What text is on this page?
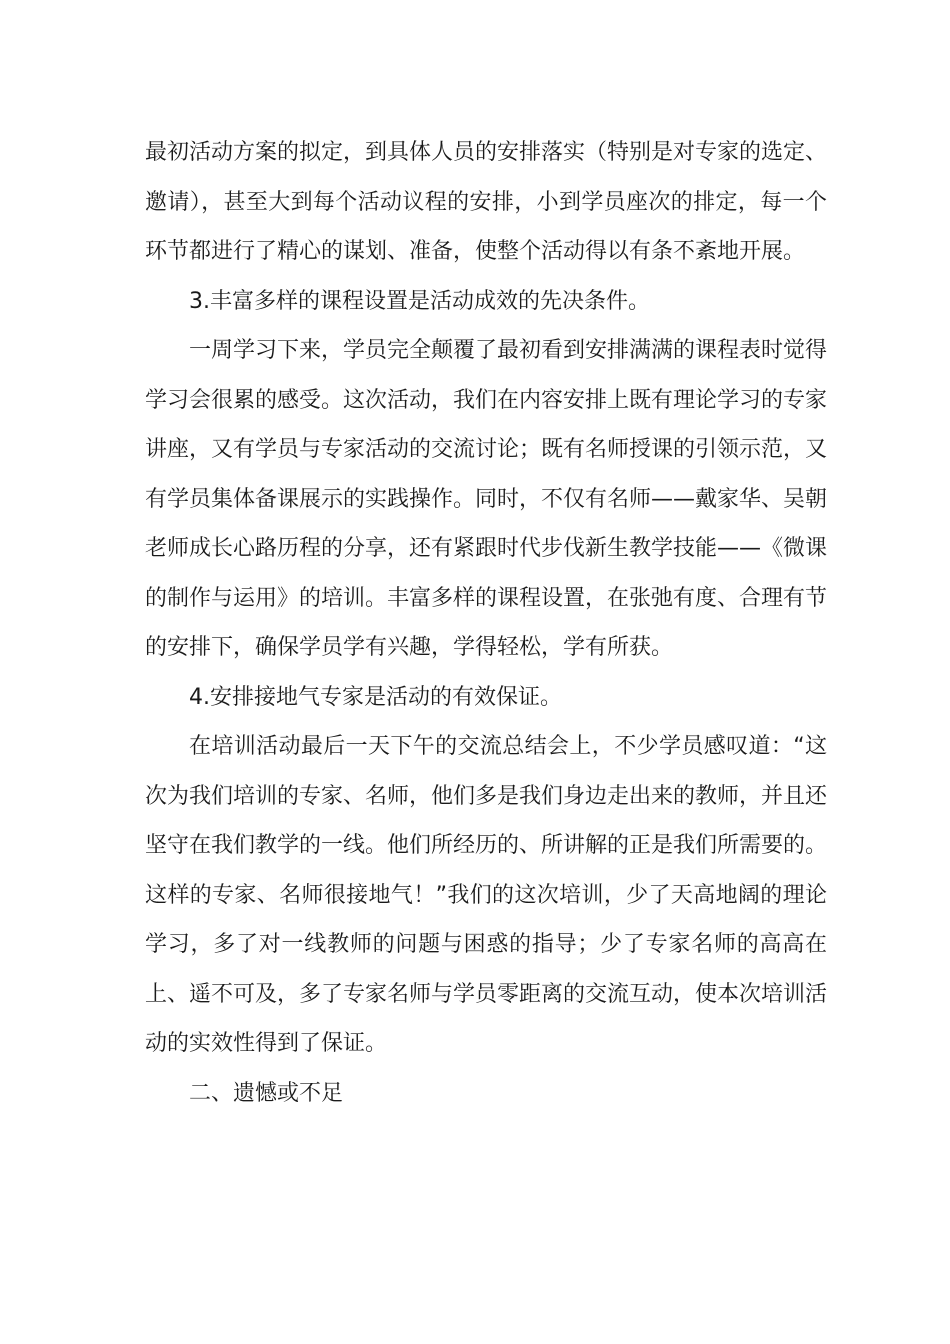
最初活动方案的拟定，到具体人员的安排落实（特别是对专家的选定、邀请），甚至大到每个活动议程的安排，小到学员座次的排定，每一个环节都进行了精心的谋划、准备，使整个活动得以有条不紊地开展。

3.丰富多样的课程设置是活动成效的先决条件。

一周学习下来，学员完全颠覆了最初看到安排满满的课程表时觉得学习会很累的感受。这次活动，我们在内容安排上既有理论学习的专家讲座，又有学员与专家活动的交流讨论；既有名师授课的引领示范，又有学员集体备课展示的实践操作。同时，不仅有名师——戴家华、吴朝老师成长心路历程的分享，还有紧跟时代步伐新生教学技能——《微课的制作与运用》的培训。丰富多样的课程设置，在张弛有度、合理有节的安排下，确保学员学有兴趣，学得轻松，学有所获。

4.安排接地气专家是活动的有效保证。

在培训活动最后一天下午的交流总结会上，不少学员感叹道：“这次为我们培训的专家、名师，他们多是我们身边走出来的教师，并且还坚守在我们教学的一线。他们所经历的、所讲解的正是我们所需要的。这样的专家、名师很接地气！”我们的这次培训，少了天高地阔的理论学习，多了对一线教师的问题与困惑的指导；少了专家名师的高高在上、遥不可及，多了专家名师与学员零距离的交流互动，使本次培训活动的实效性得到了保证。

二、遗憾或不足
